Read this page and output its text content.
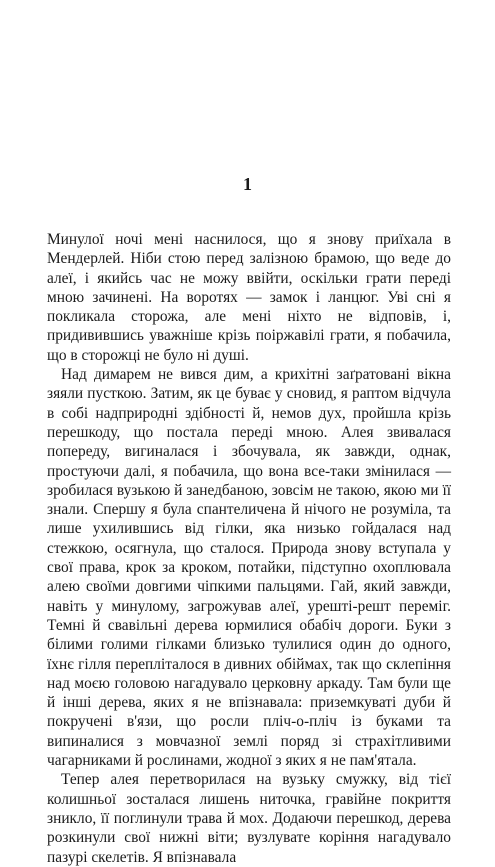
1

Минулої ночі мені наснилося, що я знову приїхала в Мендерлей. Ніби стою перед залізною брамою, що веде до алеї, і якийсь час не можу ввійти, оскільки грати переді мною зачинені. На воротях — замок і ланцюг. Уві сні я покликала сторожа, але мені ніхто не відповів, і, придивившись уважніше крізь поіржавілі грати, я побачила, що в сторожці не було ні душі.

Над димарем не вився дим, а крихітні заґратовані вікна зяяли пусткою. Затим, як це буває у сновид, я раптом відчула в собі надприродні здібності й, немов дух, пройшла крізь перешкоду, що постала переді мною. Алея звивалася попереду, вигиналася і збочувала, як завжди, однак, простуючи далі, я побачила, що вона все-таки змінилася — зробилася вузькою й занедбаною, зовсім не такою, якою ми її знали. Спершу я була спантеличена й нічого не розуміла, та лише ухилившись від гілки, яка низько гойдалася над стежкою, осягнула, що сталося. Природа знову вступала у свої права, крок за кроком, потайки, підступно охоплювала алею своїми довгими чіпкими пальцями. Гай, який завжди, навіть у минулому, загрожував алеї, урешті-решт переміг. Темні й свавільні дерева юрмилися обабіч дороги. Буки з білими голими гілками близько тулилися один до одного, їхнє гілля перепліталося в дивних обіймах, так що склепіння над моєю головою нагадувало церковну аркаду. Там були ще й інші дерева, яких я не впізнавала: приземкуваті дуби й покручені в'язи, що росли пліч-о-пліч із буками та випиналися з мовчазної землі поряд зі страхітливими чагарниками й рослинами, жодної з яких я не пам'ятала.

Тепер алея перетворилася на вузьку смужку, від тієї колишньої зосталася лишень ниточка, гравійне покриття зникло, її поглинули трава й мох. Додаючи перешкод, дерева розкинули свої нижні віти; вузлувате коріння нагадувало пазурі скелетів. Я впізнавала
